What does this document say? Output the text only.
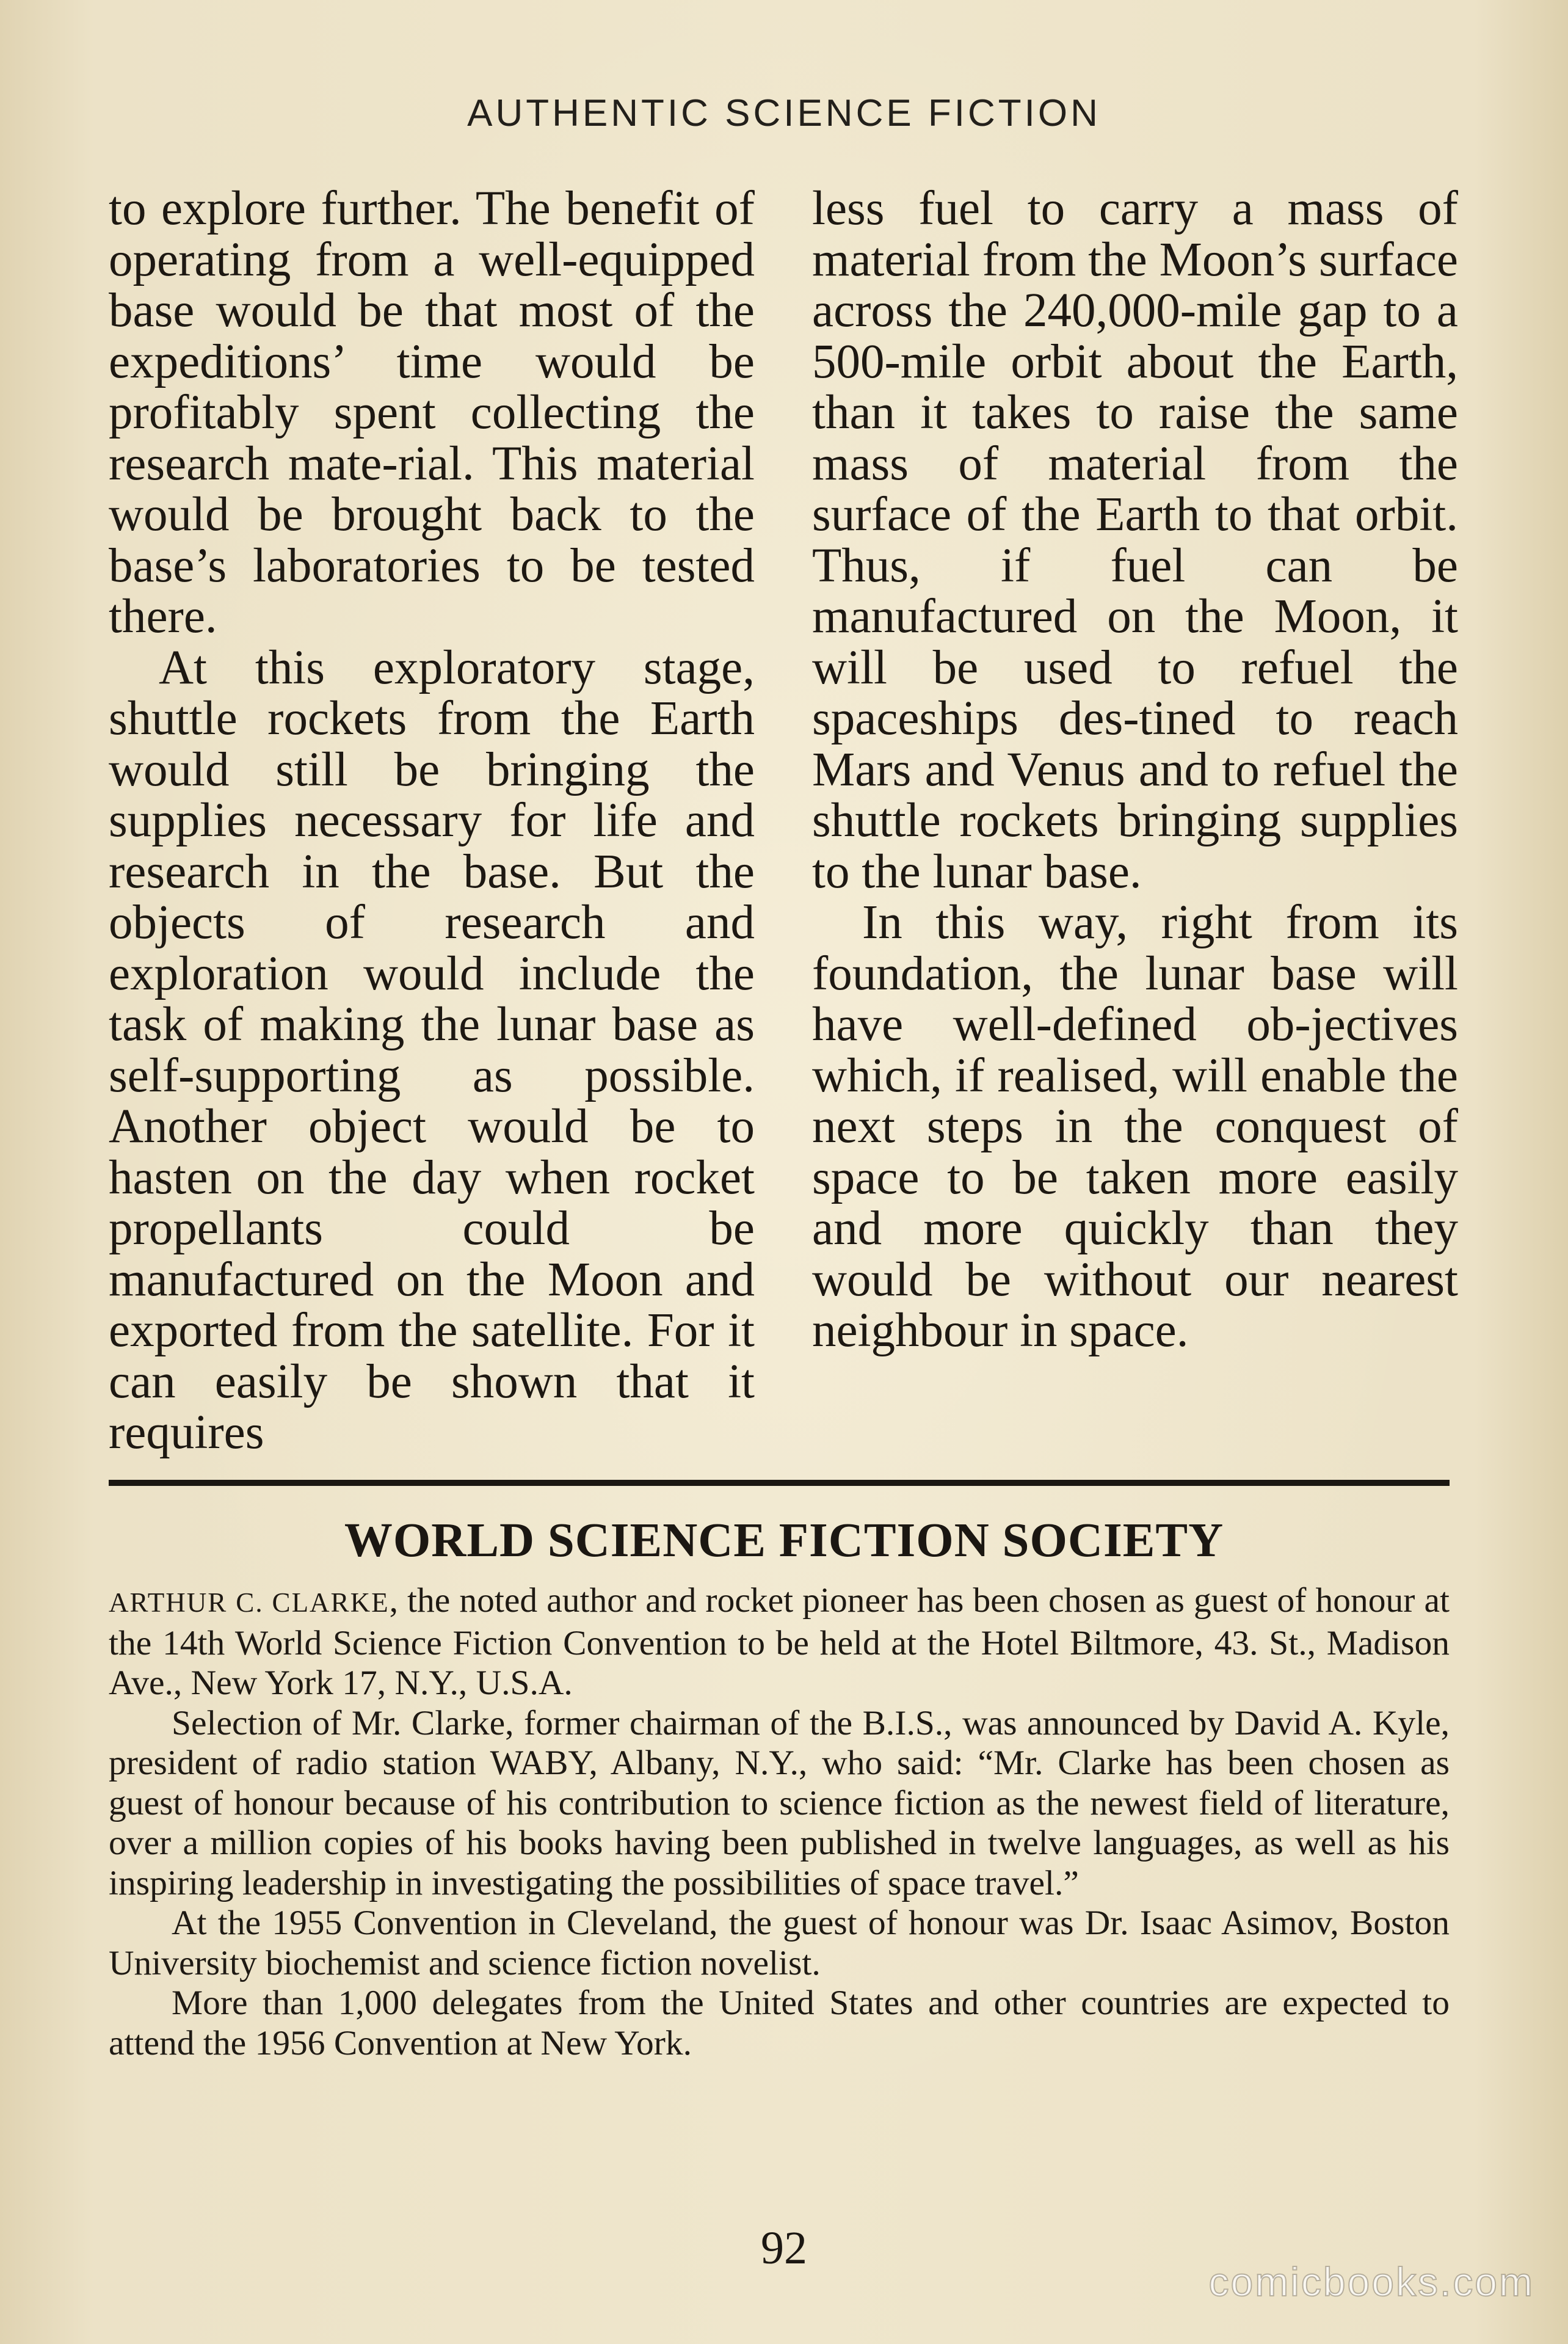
AUTHENTIC SCIENCE FICTION

to explore further. The benefit of operating from a well-equipped base would be that most of the expeditions’ time would be profitably spent collecting the research mate-rial. This material would be brought back to the base’s laboratories to be tested there.

At this exploratory stage, shuttle rockets from the Earth would still be bringing the supplies necessary for life and research in the base. But the objects of research and exploration would include the task of making the lunar base as self-supporting as possible. Another object would be to hasten on the day when rocket propellants could be manufactured on the Moon and exported from the satellite. For it can easily be shown that it requires

less fuel to carry a mass of material from the Moon’s surface across the 240,000-mile gap to a 500-mile orbit about the Earth, than it takes to raise the same mass of material from the surface of the Earth to that orbit. Thus, if fuel can be manufactured on the Moon, it will be used to refuel the spaceships des-tined to reach Mars and Venus and to refuel the shuttle rockets bringing supplies to the lunar base.

In this way, right from its foundation, the lunar base will have well-defined ob-jectives which, if realised, will enable the next steps in the conquest of space to be taken more easily and more quickly than they would be without our nearest neighbour in space.

WORLD SCIENCE FICTION SOCIETY

ARTHUR C. CLARKE, the noted author and rocket pioneer has been chosen as guest of honour at the 14th World Science Fiction Convention to be held at the Hotel Biltmore, 43. St., Madison Ave., New York 17, N.Y., U.S.A.

Selection of Mr. Clarke, former chairman of the B.I.S., was announced by David A. Kyle, president of radio station WABY, Albany, N.Y., who said: “Mr. Clarke has been chosen as guest of honour because of his contribution to science fiction as the newest field of literature, over a million copies of his books having been published in twelve languages, as well as his inspiring leadership in investigating the possibilities of space travel.”

At the 1955 Convention in Cleveland, the guest of honour was Dr. Isaac Asimov, Boston University biochemist and science fiction novelist.

More than 1,000 delegates from the United States and other countries are expected to attend the 1956 Convention at New York.

92
comicbooks.com
